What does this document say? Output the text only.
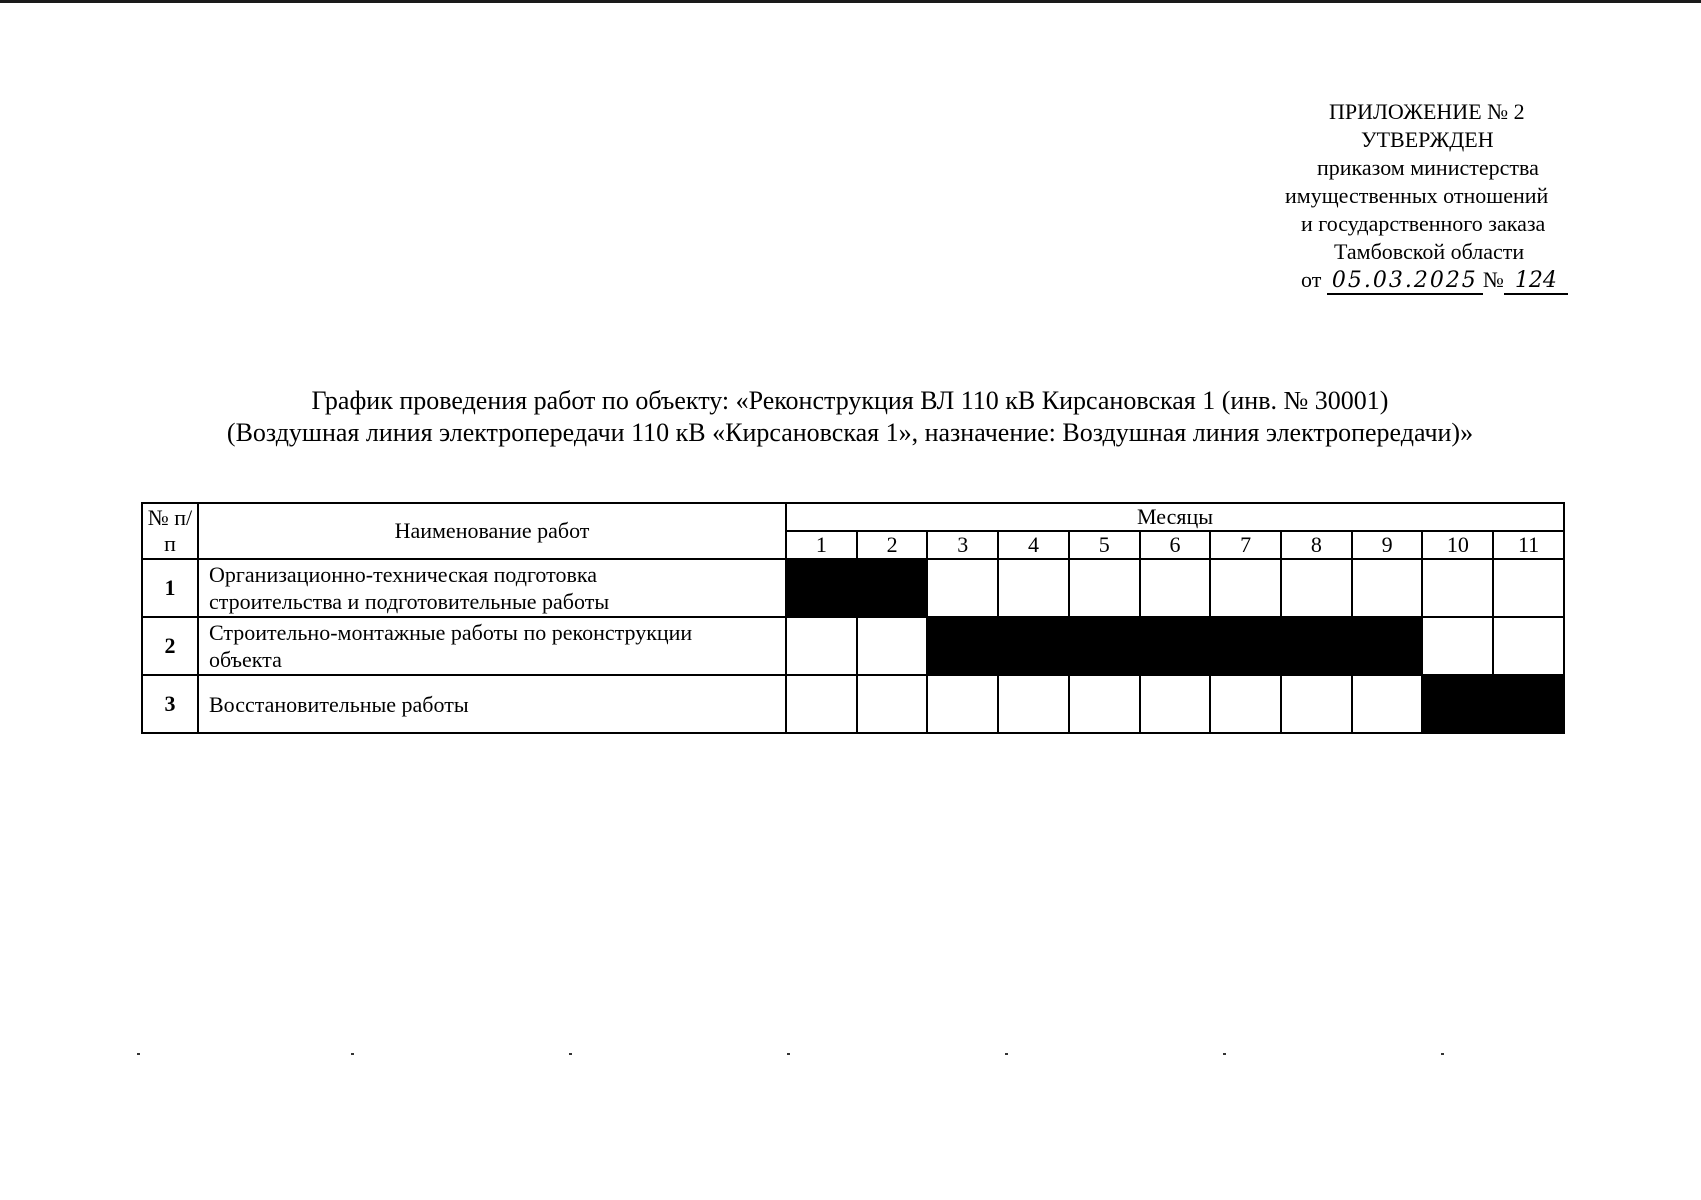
ПРИЛОЖЕНИЕ № 2
УТВЕРЖДЕН
приказом министерства
имущественных отношений
и государственного заказа
Тамбовской области
от 05.03.2025 № 124
График проведения работ по объекту: «Реконструкция ВЛ 110 кВ Кирсановская 1 (инв. № 30001)
(Воздушная линия электропередачи 110 кВ «Кирсановская 1», назначение: Воздушная линия электропередачи)»
№ п/п	Наименование работ	Месяцы										
		1	2	3	4	5	6	7	8	9	10	11
1	Организационно-техническая подготовка
строительства и подготовительные работы											

2	Строительно-монтажные работы по реконструкции
объекта											

3	Восстановительные работы											
